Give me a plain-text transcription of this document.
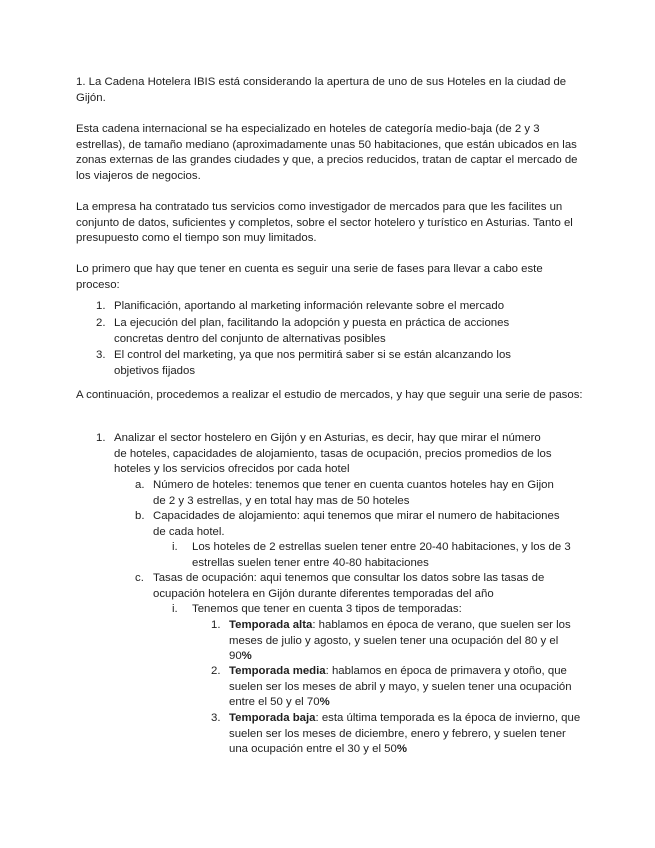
1. La Cadena Hotelera IBIS está considerando la apertura de uno de sus Hoteles en la ciudad de Gijón.

Esta cadena internacional se ha especializado en hoteles de categoría medio-baja (de 2 y 3 estrellas), de tamaño mediano (aproximadamente unas 50 habitaciones, que están ubicados en las zonas externas de las grandes ciudades y que, a precios reducidos, tratan de captar el mercado de los viajeros de negocios.

La empresa ha contratado tus servicios como investigador de mercados para que les facilites un conjunto de datos, suficientes y completos, sobre el sector hotelero y turístico en Asturias. Tanto el presupuesto como el tiempo son muy limitados.

Lo primero que hay que tener en cuenta es seguir una serie de fases para llevar a cabo este proceso:

1. Planificación, aportando al marketing información relevante sobre el mercado
2. La ejecución del plan, facilitando la adopción y puesta en práctica de acciones concretas dentro del conjunto de alternativas posibles
3. El control del marketing, ya que nos permitirá saber si se están alcanzando los objetivos fijados

A continuación, procedemos a realizar el estudio de mercados, y hay que seguir una serie de pasos:

1. Analizar el sector hostelero en Gijón y en Asturias, es decir, hay que mirar el número de hoteles, capacidades de alojamiento, tasas de ocupación, precios promedios de los hoteles y los servicios ofrecidos por cada hotel
a. Número de hoteles: tenemos que tener en cuenta cuantos hoteles hay en Gijon de 2 y 3 estrellas, y en total hay mas de 50 hoteles
b. Capacidades de alojamiento: aqui tenemos que mirar el numero de habitaciones de cada hotel.
i. Los hoteles de 2 estrellas suelen tener entre 20-40 habitaciones, y los de 3 estrellas suelen tener entre 40-80 habitaciones
c. Tasas de ocupación: aqui tenemos que consultar los datos sobre las tasas de ocupación hotelera en Gijón durante diferentes temporadas del año
i. Tenemos que tener en cuenta 3 tipos de temporadas:
1. Temporada alta: hablamos en época de verano, que suelen ser los meses de julio y agosto, y suelen tener una ocupación del 80 y el 90%
2. Temporada media: hablamos en época de primavera y otoño, que suelen ser los meses de abril y mayo, y suelen tener una ocupación entre el 50 y el 70%
3. Temporada baja: esta última temporada es la época de invierno, que suelen ser los meses de diciembre, enero y febrero, y suelen tener una ocupación entre el 30 y el 50%
